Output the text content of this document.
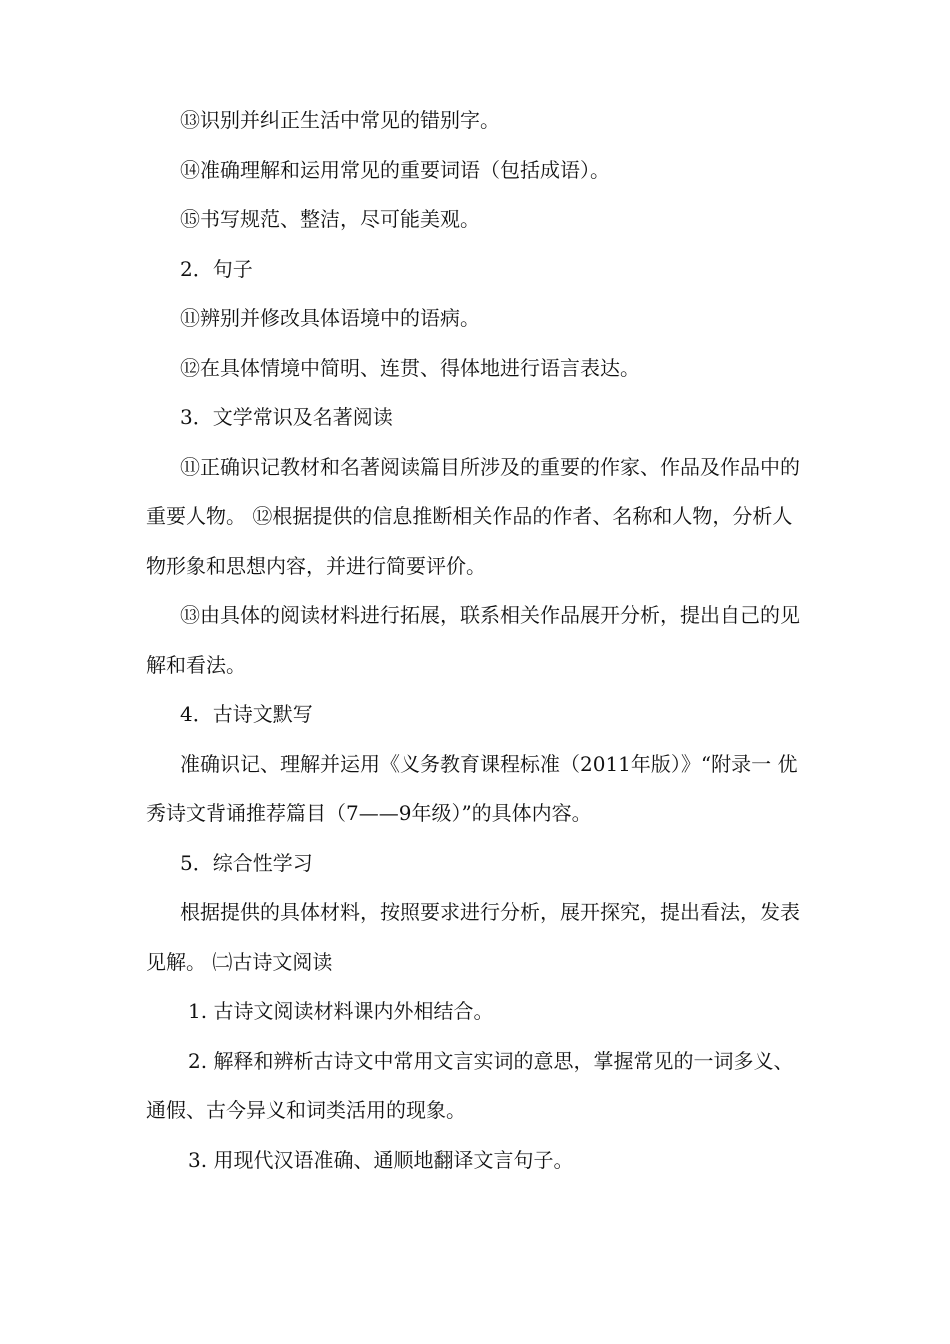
⑬识别并纠正生活中常见的错别字。

⑭准确理解和运用常见的重要词语（包括成语）。

⑮书写规范、整洁，尽可能美观。

2．句子

⑪辨别并修改具体语境中的语病。

⑫在具体情境中简明、连贯、得体地进行语言表达。

3．文学常识及名著阅读

⑪正确识记教材和名著阅读篇目所涉及的重要的作家、作品及作品中的重要人物。 ⑫根据提供的信息推断相关作品的作者、名称和人物，分析人物形象和思想内容，并进行简要评价。

⑬由具体的阅读材料进行拓展，联系相关作品展开分析，提出自己的见解和看法。

4．古诗文默写

准确识记、理解并运用《义务教育课程标准（2011年版）》“附录一 优秀诗文背诵推荐篇目（7——9年级）”的具体内容。

5．综合性学习

根据提供的具体材料，按照要求进行分析，展开探究，提出看法，发表见解。 ㈡古诗文阅读

1. 古诗文阅读材料课内外相结合。

2. 解释和辨析古诗文中常用文言实词的意思，掌握常见的一词多义、通假、古今异义和词类活用的现象。

3. 用现代汉语准确、通顺地翻译文言句子。
